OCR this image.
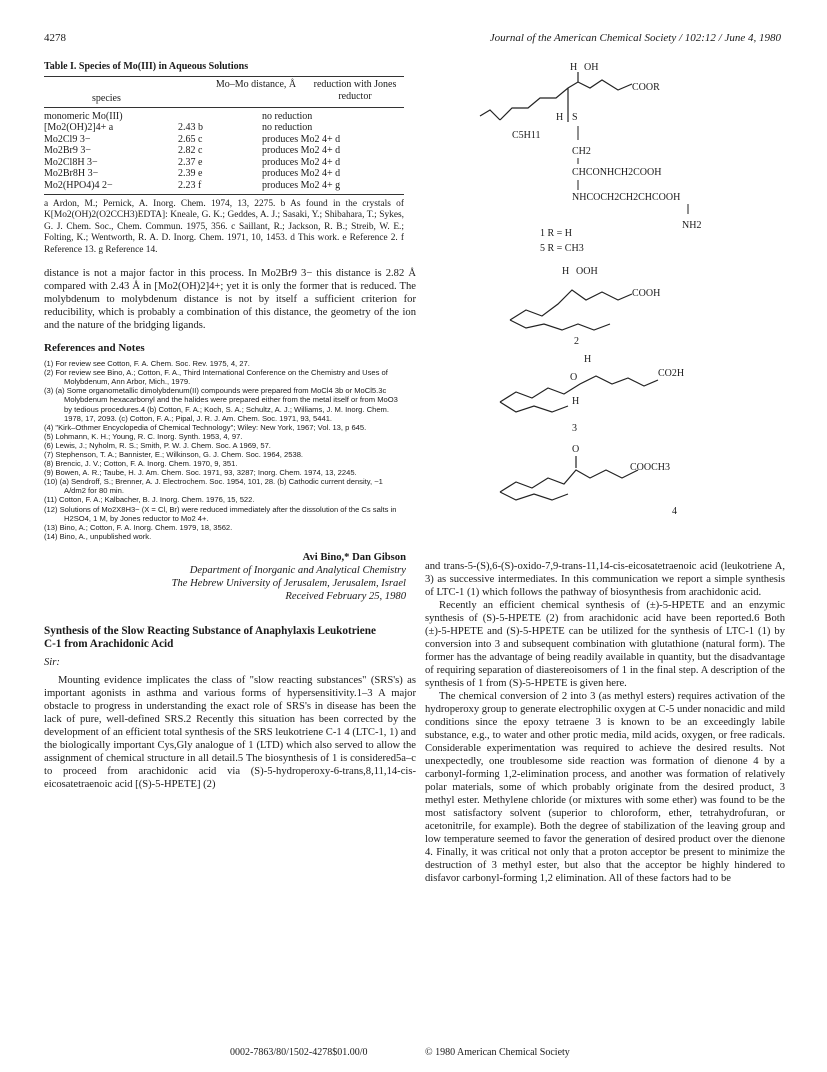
4278	Journal of the American Chemical Society / 102:12 / June 4, 1980
Table I. Species of Mo(III) in Aqueous Solutions
species	Mo–Mo distance, Å	reduction with Jones reductor
monomeric Mo(III)		no reduction
[Mo2(OH)2]4+ a	2.43 b	no reduction
Mo2Cl9 3−	2.65 c	produces Mo2 4+ d
Mo2Br9 3−	2.82 c	produces Mo2 4+ d
Mo2Cl8H 3−	2.37 e	produces Mo2 4+ d
Mo2Br8H 3−	2.39 e	produces Mo2 4+ d
Mo2(HPO4)4 2−	2.23 f	produces Mo2 4+ g

a Ardon, M.; Pernick, A. Inorg. Chem. 1974, 13, 2275. b As found in the crystals of K[Mo2(OH)2(O2CCH3)EDTA]: Kneale, G. K.; Geddes, A. J.; Sasaki, Y.; Shibahara, T.; Sykes, G. J. Chem. Soc., Chem. Commun. 1975, 356. c Saillant, R.; Jackson, R. B.; Streib, W. E.; Folting, K.; Wentworth, R. A. D. Inorg. Chem. 1971, 10, 1453. d This work. e Reference 2. f Reference 13. g Reference 14.

distance is not a major factor in this process. In Mo2Br9 3− this distance is 2.82 Å compared with 2.43 Å in [Mo2(OH)2]4+; yet it is only the former that is reduced. The molybdenum to molybdenum distance is not by itself a sufficient criterion for reducibility, which is probably a combination of this distance, the geometry of the ion and the nature of the bridging ligands.

References and Notes
(1) For review see Cotton, F. A. Chem. Soc. Rev. 1975, 4, 27.
(2) For review see Bino, A.; Cotton, F. A., Third International Conference on the Chemistry and Uses of Molybdenum, Ann Arbor, Mich., 1979.
(3) (a) Some organometallic dimolybdenum(II) compounds were prepared from MoCl4 3b or MoCl5.3c Molybdenum hexacarbonyl and the halides were prepared either from the metal itself or from MoO3 by tedious procedures.4 (b) Cotton, F. A.; Koch, S. A.; Schultz, A. J.; Williams, J. M. Inorg. Chem. 1978, 17, 2093. (c) Cotton, F. A.; Pipal, J. R. J. Am. Chem. Soc. 1971, 93, 5441.
(4) "Kirk–Othmer Encyclopedia of Chemical Technology"; Wiley: New York, 1967; Vol. 13, p 645.
(5) Lohmann, K. H.; Young, R. C. Inorg. Synth. 1953, 4, 97.
(6) Lewis, J.; Nyholm, R. S.; Smith, P. W. J. Chem. Soc. A 1969, 57.
(7) Stephenson, T. A.; Bannister, E.; Wilkinson, G. J. Chem. Soc. 1964, 2538.
(8) Brencic, J. V.; Cotton, F. A. Inorg. Chem. 1970, 9, 351.
(9) Bowen, A. R.; Taube, H. J. Am. Chem. Soc. 1971, 93, 3287; Inorg. Chem. 1974, 13, 2245.
(10) (a) Sendroff, S.; Brenner, A. J. Electrochem. Soc. 1954, 101, 28. (b) Cathodic current density, ~1 A/dm2 for 80 min.
(11) Cotton, F. A.; Kalbacher, B. J. Inorg. Chem. 1976, 15, 522.
(12) Solutions of Mo2X8H3− (X = Cl, Br) were reduced immediately after the dissolution of the Cs salts in H2SO4, 1 M, by Jones reductor to Mo2 4+.
(13) Bino, A.; Cotton, F. A. Inorg. Chem. 1979, 18, 3562.
(14) Bino, A., unpublished work.
Avi Bino,* Dan Gibson
Department of Inorganic and Analytical Chemistry
The Hebrew University of Jerusalem, Jerusalem, Israel
Received February 25, 1980
Synthesis of the Slow Reacting Substance of Anaphylaxis Leukotriene C-1 from Arachidonic Acid
Sir:

Mounting evidence implicates the class of "slow reacting substances" (SRS's) as important agonists in asthma and various forms of hypersensitivity.1–3 A major obstacle to progress in understanding the exact role of SRS's in disease has been the lack of pure, well-defined SRS.2 Recently this situation has been corrected by the development of an efficient total synthesis of the SRS leukotriene C-1 4 (LTC-1, 1) and the biologically important Cys,Gly analogue of 1 (LTD) which also served to allow the assignment of chemical structure in all detail.5 The biosynthesis of 1 is considered5a–c to proceed from arachidonic acid via (S)-5-hydroperoxy-6-trans,8,11,14-cis-eicosatetraenoic acid [(S)-5-HPETE] (2)

H OH
COOR
C5H11
H S
CH2
CHCONHCH2COOH
NHCOCH2CH2CHCOOH
NH2
1 R = H
5 R = CH3
H OOH
COOH
2
H
O	CO2H
H
3
O
COOCH3
4

and trans-5-(S),6-(S)-oxido-7,9-trans-11,14-cis-eicosatetraenoic acid (leukotriene A, 3) as successive intermediates. In this communication we report a simple synthesis of LTC-1 (1) which follows the pathway of biosynthesis from arachidonic acid.

Recently an efficient chemical synthesis of (±)-5-HPETE and an enzymic synthesis of (S)-5-HPETE (2) from arachidonic acid have been reported.6 Both (±)-5-HPETE and (S)-5-HPETE can be utilized for the synthesis of LTC-1 (1) by conversion into 3 and subsequent combination with glutathione (natural form). The former has the advantage of being readily available in quantity, but the disadvantage of requiring separation of diastereoisomers of 1 in the final step. A description of the synthesis of 1 from (S)-5-HPETE is given here.

The chemical conversion of 2 into 3 (as methyl esters) requires activation of the hydroperoxy group to generate electrophilic oxygen at C-5 under nonacidic and mild conditions since the epoxy tetraene 3 is known to be an exceedingly labile substance, e.g., to water and other protic media, mild acids, oxygen, or free radicals. Considerable experimentation was required to achieve the desired results. Not unexpectedly, one troublesome side reaction was formation of dienone 4 by a carbonyl-forming 1,2-elimination process, and another was formation of relatively polar materials, some of which probably originate from the desired product, 3 methyl ester. Methylene chloride (or mixtures with some ether) was found to be the most satisfactory solvent (superior to chloroform, ether, tetrahydrofuran, or acetonitrile, for example). Both the degree of stabilization of the leaving group and low temperature seemed to favor the generation of desired product over the dienone 4. Finally, it was critical not only that a proton acceptor be present to minimize the destruction of 3 methyl ester, but also that the acceptor be highly hindered to disfavor carbonyl-forming 1,2 elimination. All of these factors had to be

0002-7863/80/1502-4278$01.00/0	© 1980 American Chemical Society
